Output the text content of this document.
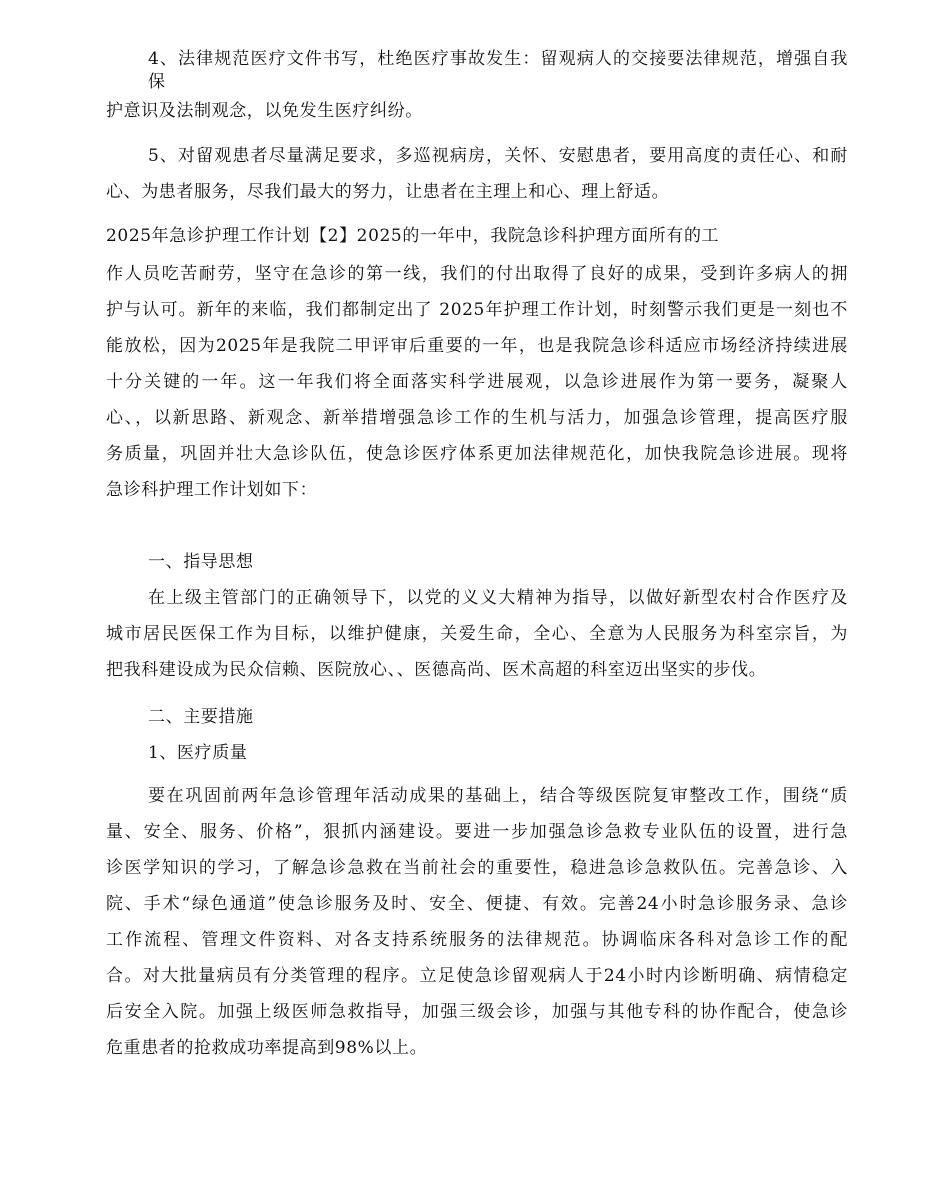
4、法律规范医疗文件书写，杜绝医疗事故发生：留观病人的交接要法律规范，增强自我
保
护意识及法制观念，以免发生医疗纠纷。
5、对留观患者尽量满足要求，多巡视病房，关怀、安慰患者，要用高度的责任心、和耐
心、为患者服务，尽我们最大的努力，让患者在主理上和心、理上舒适。
2025年急诊护理工作计划【2】2025的一年中，我院急诊科护理方面所有的工
作人员吃苦耐劳，坚守在急诊的第一线，我们的付出取得了良好的成果，受到许多病人的拥
护与认可。新年的来临，我们都制定出了 2025年护理工作计划，时刻警示我们更是一刻也不
能放松，因为2025年是我院二甲评审后重要的一年，也是我院急诊科适应市场经济持续进展
十分关键的一年。这一年我们将全面落实科学进展观，以急诊进展作为第一要务，凝聚人
心、，以新思路、新观念、新举措增强急诊工作的生机与活力，加强急诊管理，提高医疗服
务质量，巩固并壮大急诊队伍，使急诊医疗体系更加法律规范化，加快我院急诊进展。现将
急诊科护理工作计划如下：
一、指导思想
在上级主管部门的正确领导下，以党的义义大精神为指导，以做好新型农村合作医疗及
城市居民医保工作为目标，以维护健康，关爱生命，全心、全意为人民服务为科室宗旨，为
把我科建设成为民众信赖、医院放心、、医德高尚、医术高超的科室迈出坚实的步伐。
二、主要措施
1、医疗质量
要在巩固前两年急诊管理年活动成果的基础上，结合等级医院复审整改工作，围绕“质
量、安全、服务、价格”，狠抓内涵建设。要进一步加强急诊急救专业队伍的设置，进行急
诊医学知识的学习，了解急诊急救在当前社会的重要性，稳进急诊急救队伍。完善急诊、入
院、手术“绿色通道”使急诊服务及时、安全、便捷、有效。完善24小时急诊服务录、急诊
工作流程、管理文件资料、对各支持系统服务的法律规范。协调临床各科对急诊工作的配
合。对大批量病员有分类管理的程序。立足使急诊留观病人于24小时内诊断明确、病情稳定
后安全入院。加强上级医师急救指导，加强三级会诊，加强与其他专科的协作配合，使急诊
危重患者的抢救成功率提高到98%以上。
